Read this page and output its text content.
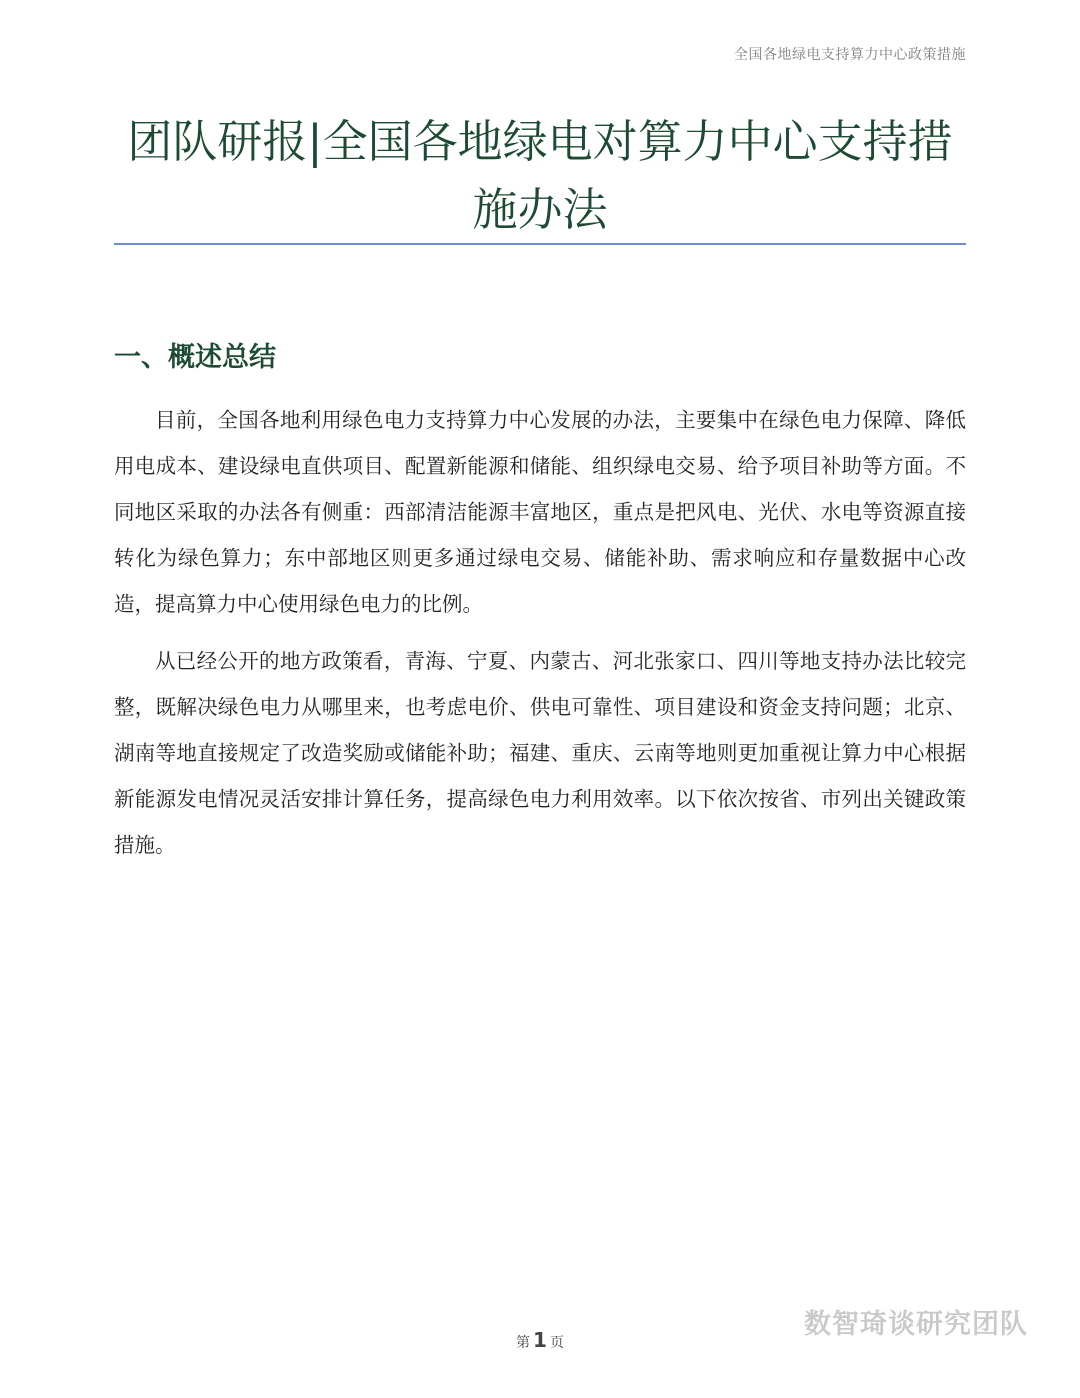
全国各地绿电支持算力中心政策措施
团队研报|全国各地绿电对算力中心支持措施办法
一、概述总结

目前，全国各地利用绿色电力支持算力中心发展的办法，主要集中在绿色电力保障、降低用电成本、建设绿电直供项目、配置新能源和储能、组织绿电交易、给予项目补助等方面。不同地区采取的办法各有侧重：西部清洁能源丰富地区，重点是把风电、光伏、水电等资源直接转化为绿色算力；东中部地区则更多通过绿电交易、储能补助、需求响应和存量数据中心改造，提高算力中心使用绿色电力的比例。

从已经公开的地方政策看，青海、宁夏、内蒙古、河北张家口、四川等地支持办法比较完整，既解决绿色电力从哪里来，也考虑电价、供电可靠性、项目建设和资金支持问题；北京、湖南等地直接规定了改造奖励或储能补助；福建、重庆、云南等地则更加重视让算力中心根据新能源发电情况灵活安排计算任务，提高绿色电力利用效率。以下依次按省、市列出关键政策措施。

第 1 页
数智琦谈研究团队
